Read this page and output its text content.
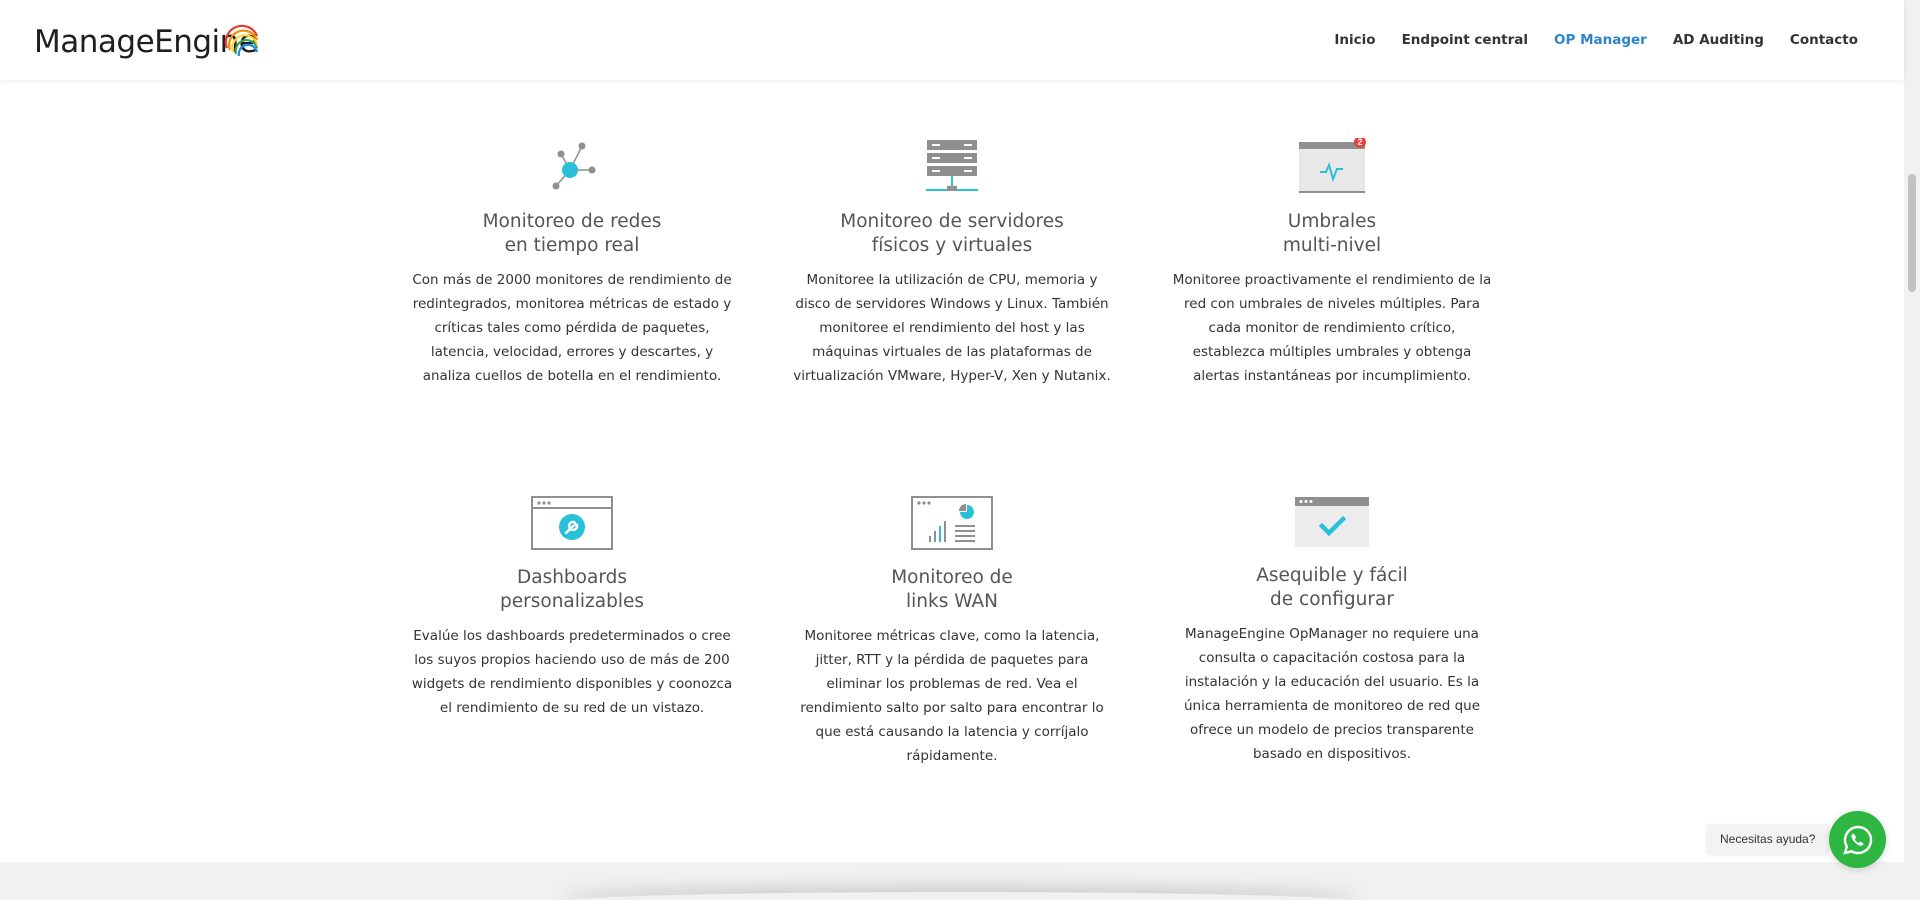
ManageEngine	Inicio Endpoint central OP Manager AD Auditing Contacto
Monitoreo de redes
en tiempo real

Con más de 2000 monitores de rendimiento de redintegrados, monitorea métricas de estado y críticas tales como pérdida de paquetes, latencia, velocidad, errores y descartes, y analiza cuellos de botella en el rendimiento.

Monitoreo de servidores
físicos y virtuales

Monitoree la utilización de CPU, memoria y disco de servidores Windows y Linux. También monitoree el rendimiento del host y las máquinas virtuales de las plataformas de virtualización VMware, Hyper-V, Xen y Nutanix.

2
Umbrales
multi-nivel

Monitoree proactivamente el rendimiento de la red con umbrales de niveles múltiples. Para cada monitor de rendimiento crítico, establezca múltiples umbrales y obtenga alertas instantáneas por incumplimiento.

Dashboards
personalizables

Evalúe los dashboards predeterminados o cree los suyos propios haciendo uso de más de 200 widgets de rendimiento disponibles y coonozca el rendimiento de su red de un vistazo.

Monitoreo de
links WAN

Monitoree métricas clave, como la latencia, jitter, RTT y la pérdida de paquetes para eliminar los problemas de red. Vea el rendimiento salto por salto para encontrar lo que está causando la latencia y corríjalo rápidamente.

Asequible y fácil
de configurar

ManageEngine OpManager no requiere una consulta o capacitación costosa para la instalación y la educación del usuario. Es la única herramienta de monitoreo de red que ofrece un modelo de precios transparente basado en dispositivos.

Necesitas ayuda?
